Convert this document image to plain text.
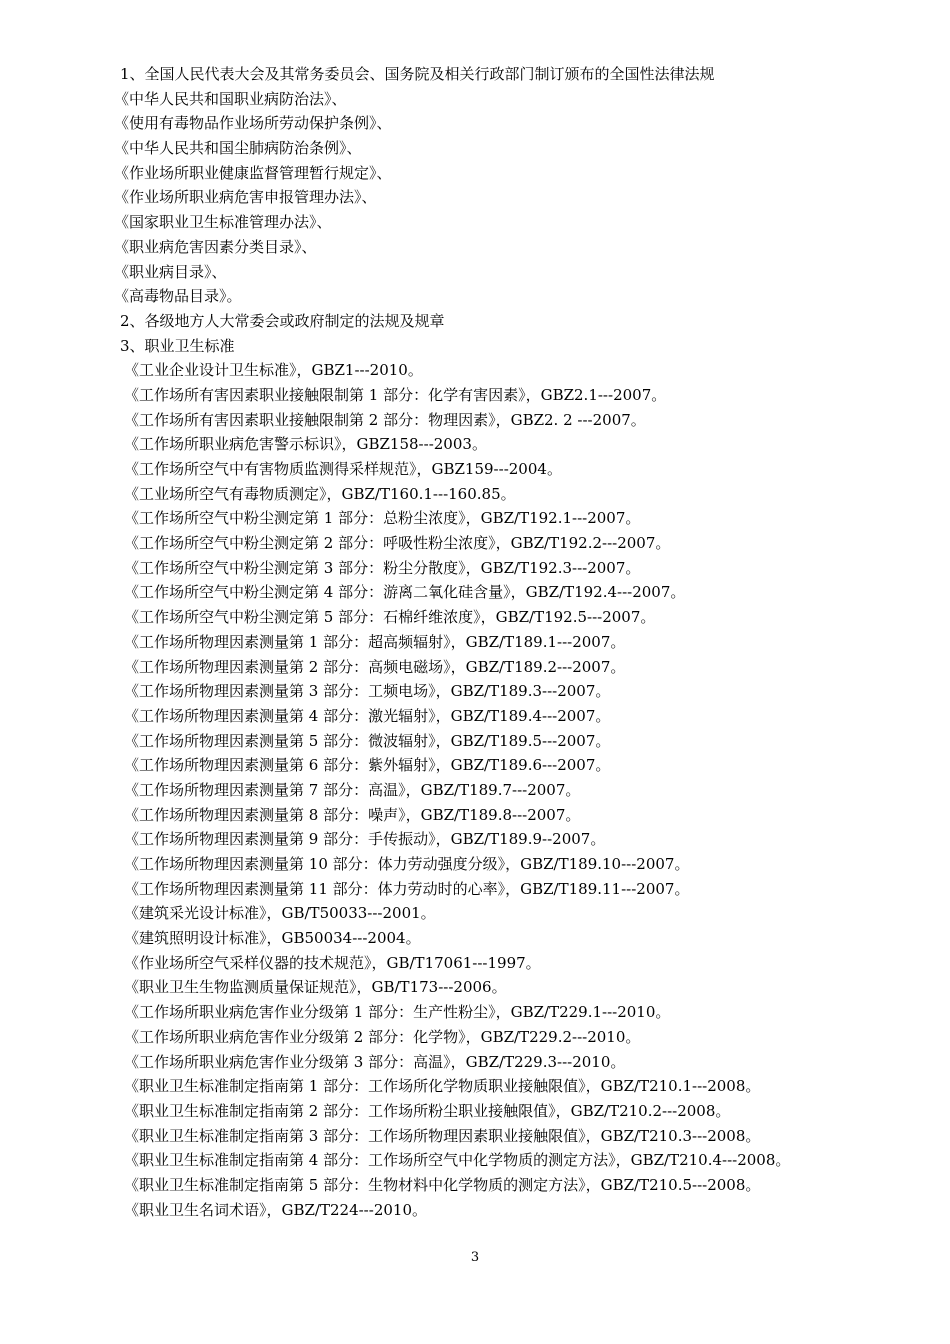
1、全国人民代表大会及其常务委员会、国务院及相关行政部门制订颁布的全国性法律法规
《中华人民共和国职业病防治法》、
《使用有毒物品作业场所劳动保护条例》、
《中华人民共和国尘肺病防治条例》、
《作业场所职业健康监督管理暂行规定》、
《作业场所职业病危害申报管理办法》、
《国家职业卫生标准管理办法》、
《职业病危害因素分类目录》、
《职业病目录》、
《高毒物品目录》。
2、各级地方人大常委会或政府制定的法规及规章
3、职业卫生标准
《工业企业设计卫生标准》，GBZ1---2010。
《工作场所有害因素职业接触限制第 1 部分：化学有害因素》，GBZ2.1---2007。
《工作场所有害因素职业接触限制第 2 部分：物理因素》，GBZ2. 2 ---2007。
《工作场所职业病危害警示标识》，GBZ158---2003。
《工作场所空气中有害物质监测得采样规范》，GBZ159---2004。
《工业场所空气有毒物质测定》，GBZ/T160.1---160.85。
《工作场所空气中粉尘测定第 1 部分：总粉尘浓度》，GBZ/T192.1---2007。
《工作场所空气中粉尘测定第 2 部分：呼吸性粉尘浓度》，GBZ/T192.2---2007。
《工作场所空气中粉尘测定第 3 部分：粉尘分散度》，GBZ/T192.3---2007。
《工作场所空气中粉尘测定第 4 部分：游离二氧化硅含量》，GBZ/T192.4---2007。
《工作场所空气中粉尘测定第 5 部分：石棉纤维浓度》，GBZ/T192.5---2007。
《工作场所物理因素测量第 1 部分：超高频辐射》，GBZ/T189.1---2007。
《工作场所物理因素测量第 2 部分：高频电磁场》，GBZ/T189.2---2007。
《工作场所物理因素测量第 3 部分：工频电场》，GBZ/T189.3---2007。
《工作场所物理因素测量第 4 部分：激光辐射》，GBZ/T189.4---2007。
《工作场所物理因素测量第 5 部分：微波辐射》，GBZ/T189.5---2007。
《工作场所物理因素测量第 6 部分：紫外辐射》，GBZ/T189.6---2007。
《工作场所物理因素测量第 7 部分：高温》，GBZ/T189.7---2007。
《工作场所物理因素测量第 8 部分：噪声》，GBZ/T189.8---2007。
《工作场所物理因素测量第 9 部分：手传振动》，GBZ/T189.9--2007。
《工作场所物理因素测量第 10 部分：体力劳动强度分级》，GBZ/T189.10---2007。
《工作场所物理因素测量第 11 部分：体力劳动时的心率》，GBZ/T189.11---2007。
《建筑采光设计标准》，GB/T50033---2001。
《建筑照明设计标准》，GB50034---2004。
《作业场所空气采样仪器的技术规范》，GB/T17061---1997。
《职业卫生生物监测质量保证规范》，GB/T173---2006。
《工作场所职业病危害作业分级第 1 部分：生产性粉尘》，GBZ/T229.1---2010。
《工作场所职业病危害作业分级第 2 部分：化学物》，GBZ/T229.2---2010。
《工作场所职业病危害作业分级第 3 部分：高温》，GBZ/T229.3---2010。
《职业卫生标准制定指南第 1 部分：工作场所化学物质职业接触限值》，GBZ/T210.1---2008。
《职业卫生标准制定指南第 2 部分：工作场所粉尘职业接触限值》，GBZ/T210.2---2008。
《职业卫生标准制定指南第 3 部分：工作场所物理因素职业接触限值》，GBZ/T210.3---2008。
《职业卫生标准制定指南第 4 部分：工作场所空气中化学物质的测定方法》，GBZ/T210.4---2008。
《职业卫生标准制定指南第 5 部分：生物材料中化学物质的测定方法》，GBZ/T210.5---2008。
《职业卫生名词术语》，GBZ/T224---2010。
3
